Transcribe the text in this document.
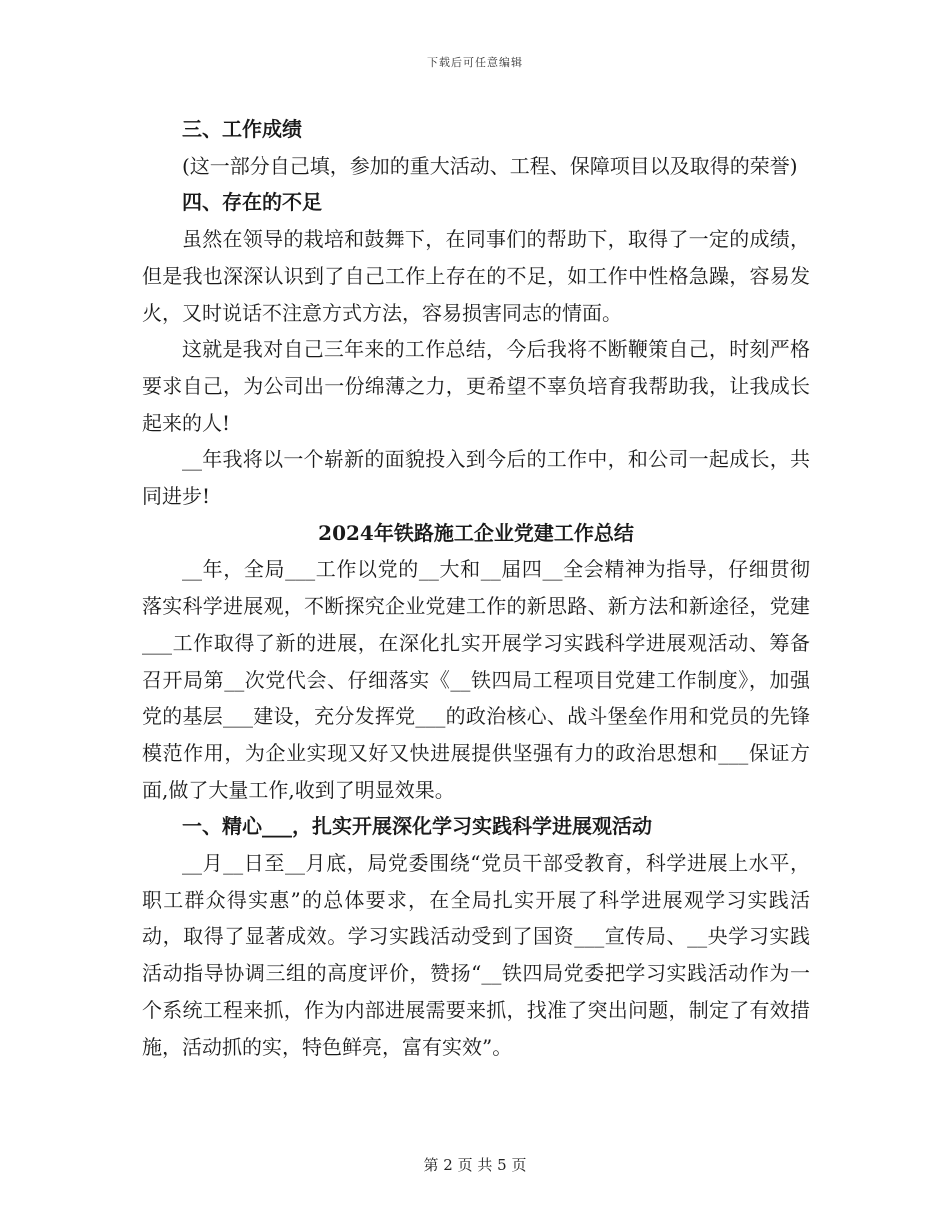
下载后可任意编辑

三、工作成绩

(这一部分自己填，参加的重大活动、工程、保障项目以及取得的荣誉)

四、存在的不足

虽然在领导的栽培和鼓舞下，在同事们的帮助下，取得了一定的成绩，但是我也深深认识到了自己工作上存在的不足，如工作中性格急躁，容易发火，又时说话不注意方式方法，容易损害同志的情面。

这就是我对自己三年来的工作总结，今后我将不断鞭策自己，时刻严格要求自己，为公司出一份绵薄之力，更希望不辜负培育我帮助我，让我成长起来的人!

__年我将以一个崭新的面貌投入到今后的工作中，和公司一起成长，共同进步!

2024年铁路施工企业党建工作总结

__年，全局___工作以党的__大和__届四__全会精神为指导，仔细贯彻落实科学进展观，不断探究企业党建工作的新思路、新方法和新途径，党建___工作取得了新的进展，在深化扎实开展学习实践科学进展观活动、筹备召开局第__次党代会、仔细落实《__铁四局工程项目党建工作制度》，加强党的基层___建设，充分发挥党___的政治核心、战斗堡垒作用和党员的先锋模范作用，为企业实现又好又快进展提供坚强有力的政治思想和___保证方面,做了大量工作,收到了明显效果。

一、精心___，扎实开展深化学习实践科学进展观活动

__月__日至__月底，局党委围绕“党员干部受教育，科学进展上水平，职工群众得实惠”的总体要求，在全局扎实开展了科学进展观学习实践活动，取得了显著成效。学习实践活动受到了国资___宣传局、__央学习实践活动指导协调三组的高度评价，赞扬“__铁四局党委把学习实践活动作为一个系统工程来抓，作为内部进展需要来抓，找准了突出问题，制定了有效措施，活动抓的实，特色鲜亮，富有实效”。

第 2 页 共 5 页
